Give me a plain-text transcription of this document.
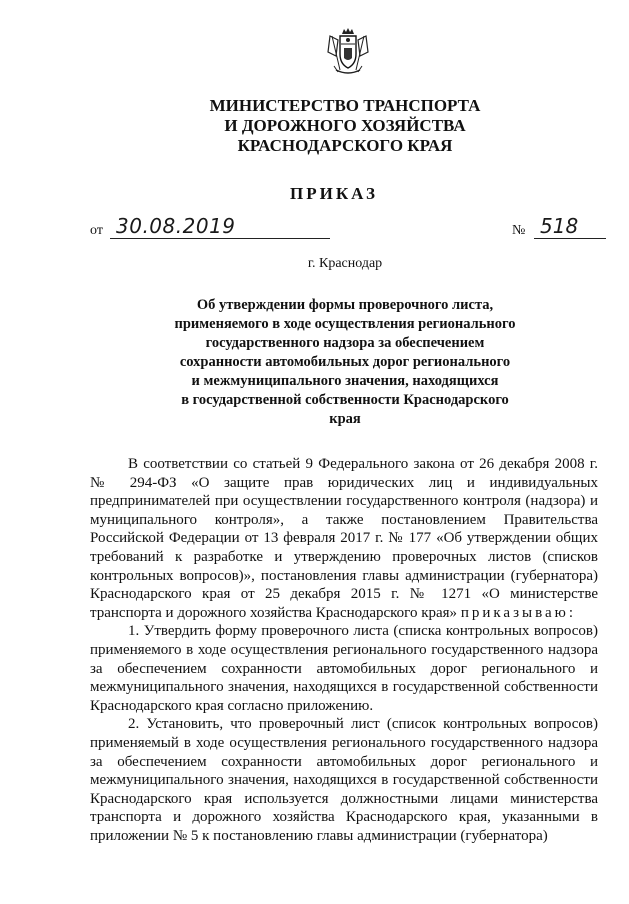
МИНИСТЕРСТВО ТРАНСПОРТА
И ДОРОЖНОГО ХОЗЯЙСТВА
КРАСНОДАРСКОГО КРАЯ
ПРИКАЗ
от 30.08.2019	№ 518
г. Краснодар
Об утверждении формы проверочного листа,
применяемого в ходе осуществления регионального
государственного надзора за обеспечением
сохранности автомобильных дорог регионального
и межмуниципального значения, находящихся
в государственной собственности Краснодарского
края

В соответствии со статьей 9 Федерального закона от 26 декабря 2008 г. № 294-ФЗ «О защите прав юридических лиц и индивидуальных предпринимателей при осуществлении государственного контроля (надзора) и муниципального контроля», а также постановлением Правительства Российской Федерации от 13 февраля 2017 г. № 177 «Об утверждении общих требований к разработке и утверждению проверочных листов (списков контрольных вопросов)», постановления главы администрации (губернатора) Краснодарского края от 25 декабря 2015 г. № 1271 «О министерстве транспорта и дорожного хозяйства Краснодарского края» приказываю:

1. Утвердить форму проверочного листа (списка контрольных вопросов) применяемого в ходе осуществления регионального государственного надзора за обеспечением сохранности автомобильных дорог регионального и межмуниципального значения, находящихся в государственной собственности Краснодарского края согласно приложению.

2. Установить, что проверочный лист (список контрольных вопросов) применяемый в ходе осуществления регионального государственного надзора за обеспечением сохранности автомобильных дорог регионального и межмуниципального значения, находящихся в государственной собственности Краснодарского края используется должностными лицами министерства транспорта и дорожного хозяйства Краснодарского края, указанными в приложении № 5 к постановлению главы администрации (губернатора)
